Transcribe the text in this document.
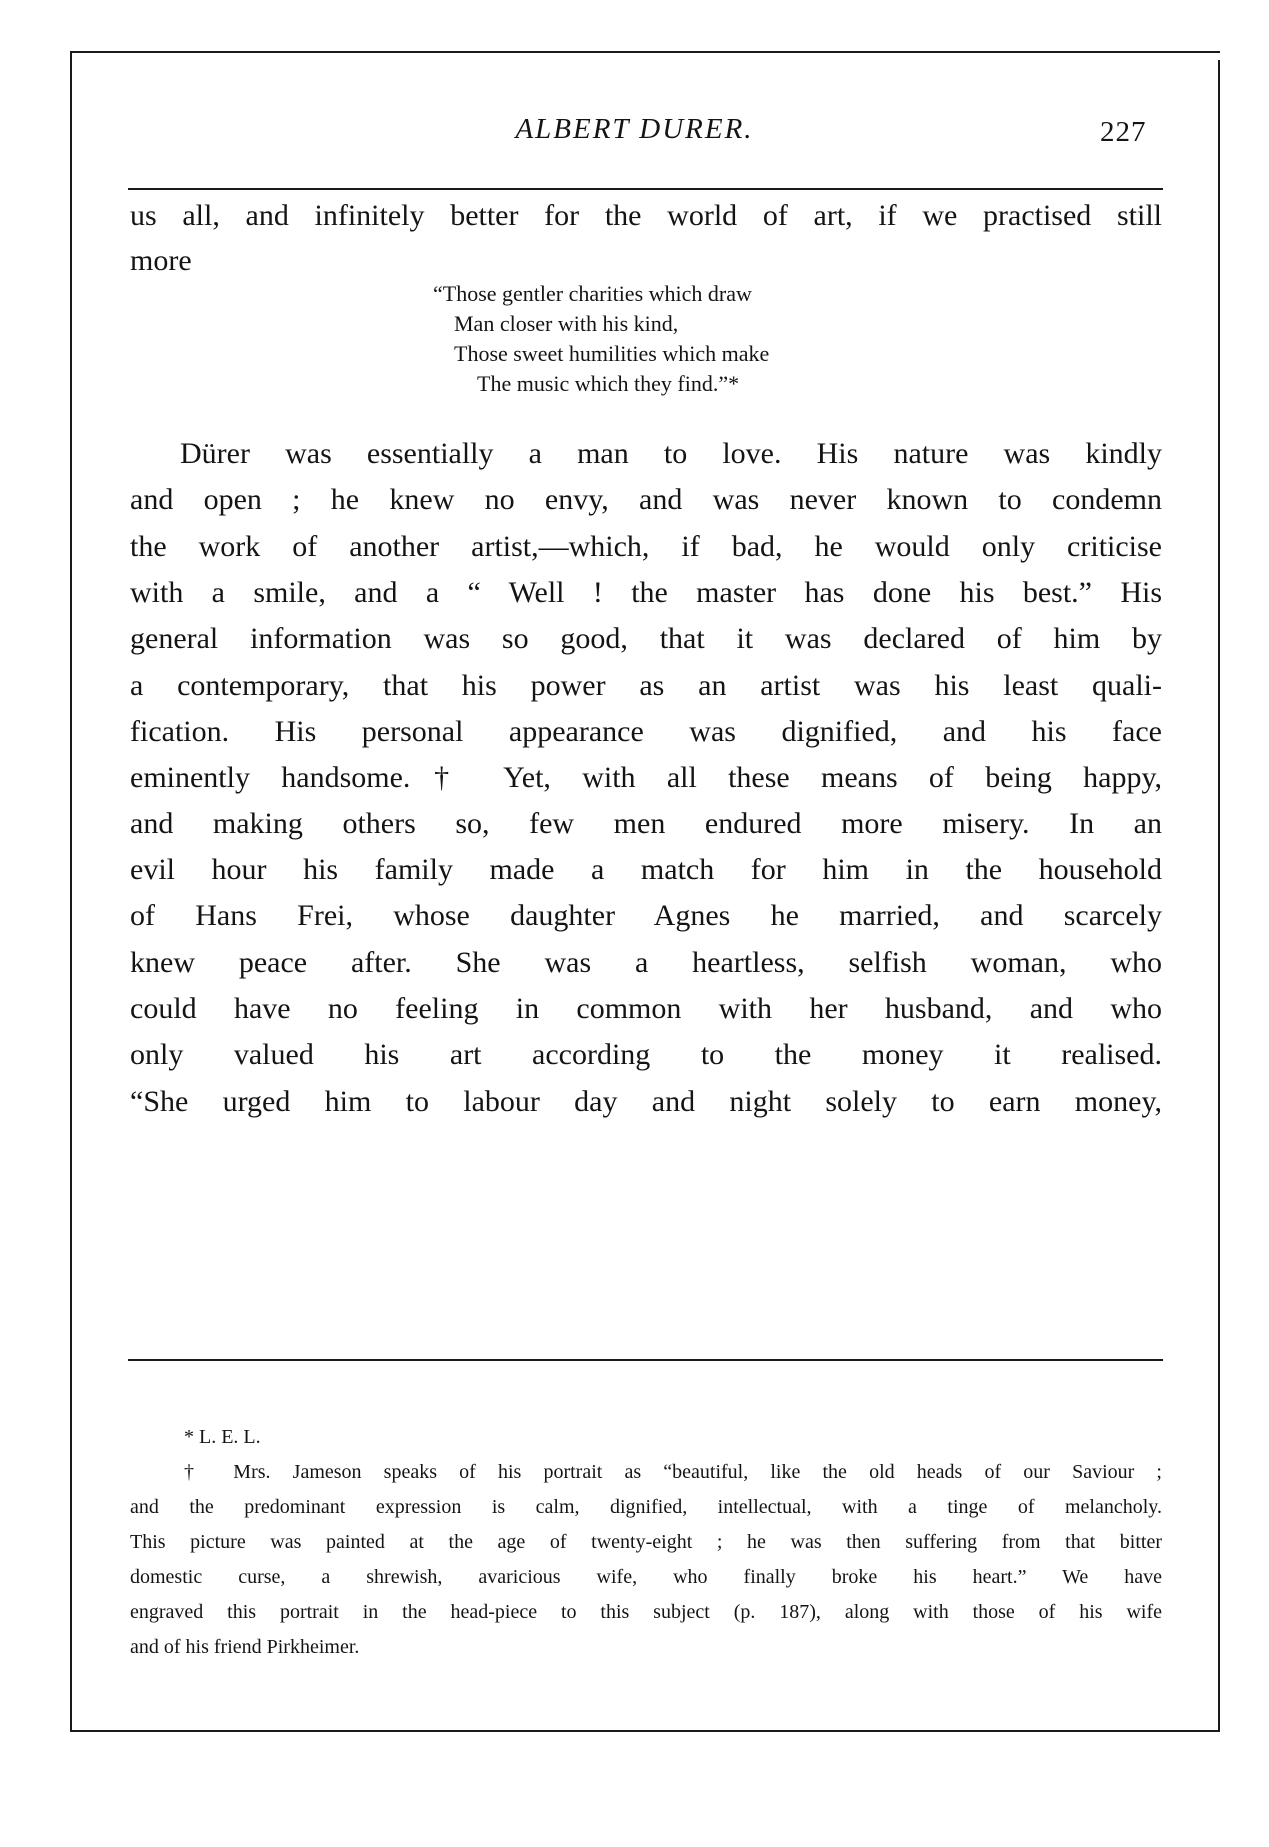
ALBERT DURER.	227
us all, and infinitely better for the world of art, if we practised still
more
“Those gentler charities which draw
Man closer with his kind,
Those sweet humilities which make
The music which they find.”*
Dürer was essentially a man to love. His nature was kindly
and open ; he knew no envy, and was never known to condemn
the work of another artist,—which, if bad, he would only criticise
with a smile, and a “ Well ! the master has done his best.” His
general information was so good, that it was declared of him by
a contemporary, that his power as an artist was his least quali-
fication. His personal appearance was dignified, and his face
eminently handsome.† Yet, with all these means of being happy,
and making others so, few men endured more misery. In an
evil hour his family made a match for him in the household
of Hans Frei, whose daughter Agnes he married, and scarcely
knew peace after. She was a heartless, selfish woman, who
could have no feeling in common with her husband, and who
only valued his art according to the money it realised.
“She urged him to labour day and night solely to earn money,
* L. E. L.
† Mrs. Jameson speaks of his portrait as “beautiful, like the old heads of our Saviour ;
and the predominant expression is calm, dignified, intellectual, with a tinge of melancholy.
This picture was painted at the age of twenty-eight ; he was then suffering from that bitter
domestic curse, a shrewish, avaricious wife, who finally broke his heart.” We have
engraved this portrait in the head-piece to this subject (p. 187), along with those of his wife
and of his friend Pirkheimer.
